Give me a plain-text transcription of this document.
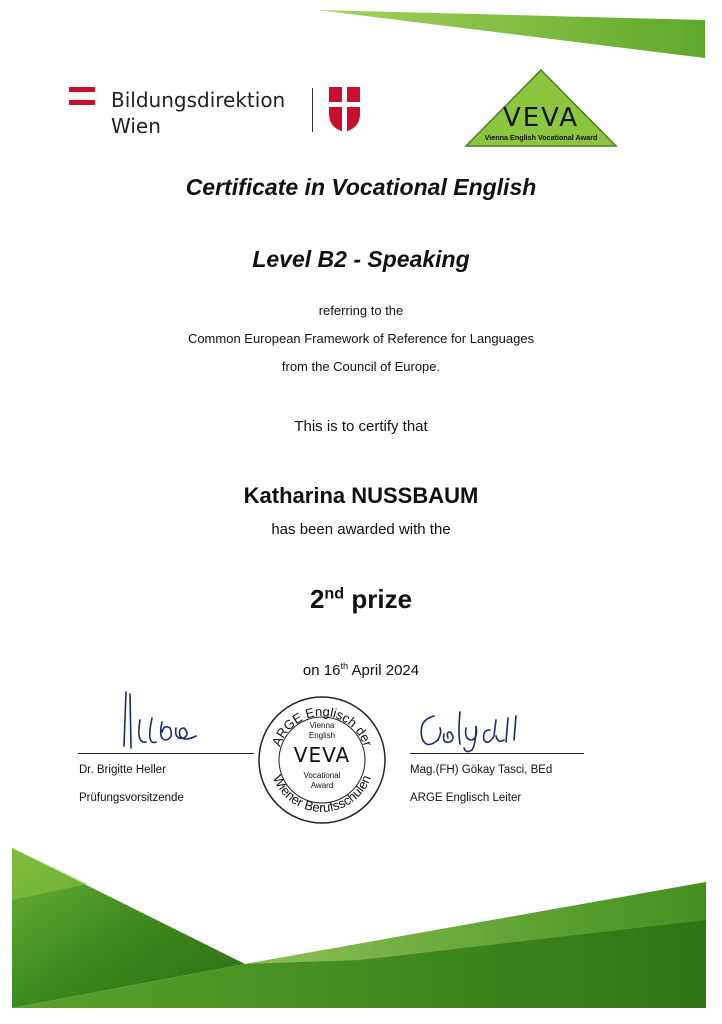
Bildungsdirektion
Wien	VEVA
Vienna English Vocational Award
Certificate in Vocational English
Level B2 - Speaking
referring to the
Common European Framework of Reference for Languages
from the Council of Europe.
This is to certify that
Katharina NUSSBAUM
has been awarded with the
2nd prize
on 16th April 2024
Dr. Brigitte Heller
Prüfungsvorsitzende
Mag.(FH) Gökay Tasci, BEd
ARGE Englisch Leiter
ARGE Englisch der
Wiener Berufsschulen
Vienna
English
VEVA
Vocational
Award
